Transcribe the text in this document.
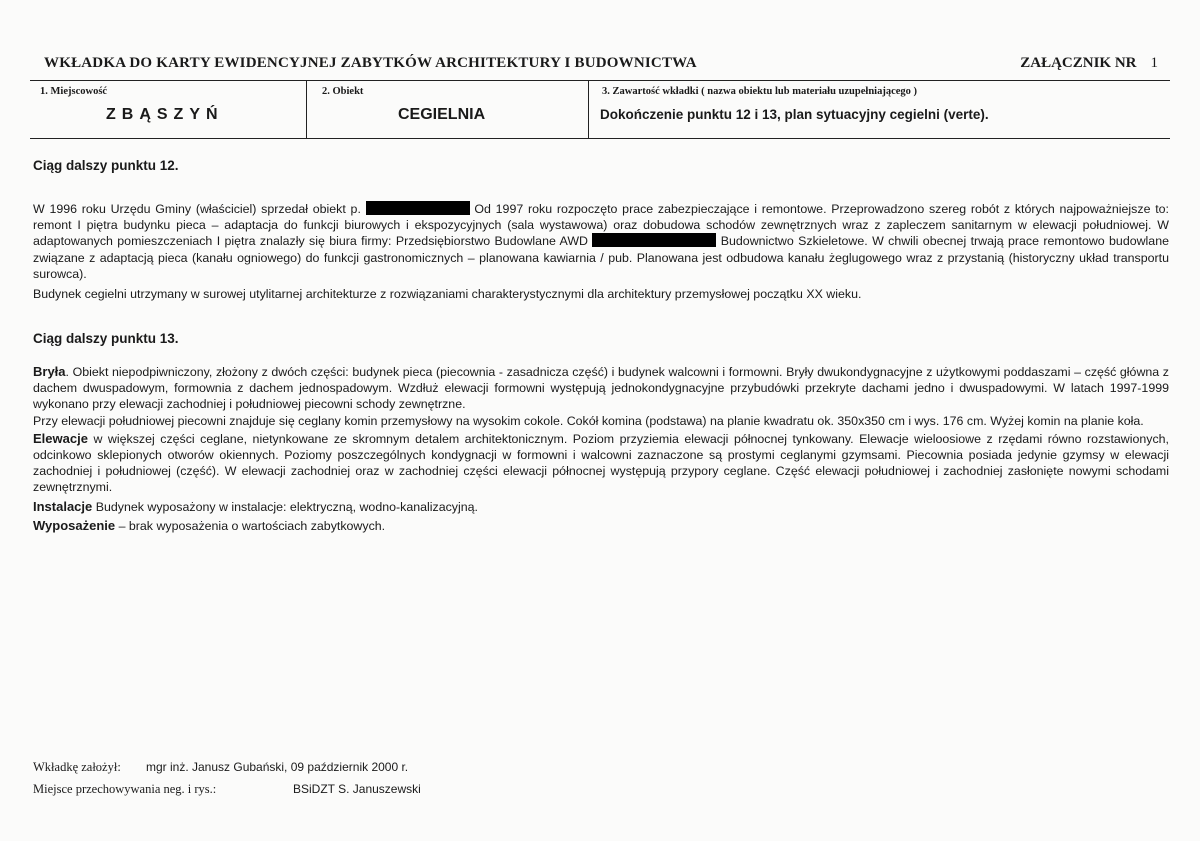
WKŁADKA DO KARTY EWIDENCYJNEJ ZABYTKÓW ARCHITEKTURY I BUDOWNICTWA	ZAŁĄCZNIK NR 1
1. Miejscowość
ZBĄSZYŃ
2. Obiekt
CEGIELNIA
3. Zawartość wkładki ( nazwa obiektu lub materiału uzupełniającego )
Dokończenie punktu 12 i 13, plan sytuacyjny cegielni (verte).
Ciąg dalszy punktu 12.

W 1996 roku Urzędu Gminy (właściciel) sprzedał obiekt p.	Od 1997 roku rozpoczęto prace zabezpieczające i remontowe. Przeprowadzono szereg robót z których najpoważniejsze to: remont I piętra budynku pieca – adaptacja do funkcji biurowych i ekspozycyjnych (sala wystawowa) oraz dobudowa schodów zewnętrznych wraz z zapleczem sanitarnym w elewacji południowej. W adaptowanych pomieszczeniach I piętra znalazły się biura firmy: Przedsiębiorstwo Budowlane AWD	Budownictwo Szkieletowe. W chwili obecnej trwają prace remontowo budowlane związane z adaptacją pieca (kanału ogniowego) do funkcji gastronomicznych – planowana kawiarnia / pub. Planowana jest odbudowa kanału żeglugowego wraz z przystanią (historyczny układ transportu surowca).

Budynek cegielni utrzymany w surowej utylitarnej architekturze z rozwiązaniami charakterystycznymi dla architektury przemysłowej początku XX wieku.

Ciąg dalszy punktu 13.

Bryła. Obiekt niepodpiwniczony, złożony z dwóch części: budynek pieca (piecownia - zasadnicza część) i budynek walcowni i formowni. Bryły dwukondygnacyjne z użytkowymi poddaszami – część główna z dachem dwuspadowym, formownia z dachem jednospadowym. Wzdłuż elewacji formowni występują jednokondygnacyjne przybudówki przekryte dachami jedno i dwuspadowymi. W latach 1997-1999 wykonano przy elewacji zachodniej i południowej piecowni schody zewnętrzne.

Przy elewacji południowej piecowni znajduje się ceglany komin przemysłowy na wysokim cokole. Cokół komina (podstawa) na planie kwadratu ok. 350x350 cm i wys. 176 cm. Wyżej komin na planie koła.

Elewacje w większej części ceglane, nietynkowane ze skromnym detalem architektonicznym. Poziom przyziemia elewacji północnej tynkowany. Elewacje wieloosiowe z rzędami równo rozstawionych, odcinkowo sklepionych otworów okiennych. Poziomy poszczególnych kondygnacji w formowni i walcowni zaznaczone są prostymi ceglanymi gzymsami. Piecownia posiada jedynie gzymsy w elewacji zachodniej i południowej (część). W elewacji zachodniej oraz w zachodniej części elewacji północnej występują przypory ceglane. Część elewacji południowej i zachodniej zasłonięte nowymi schodami zewnętrznymi.

Instalacje Budynek wyposażony w instalacje: elektryczną, wodno-kanalizacyjną.

Wyposażenie – brak wyposażenia o wartościach zabytkowych.

Wkładkę założył: mgr inż. Janusz Gubański, 09 październik 2000 r.
Miejsce przechowywania neg. i rys.:	BSiDZT S. Januszewski
